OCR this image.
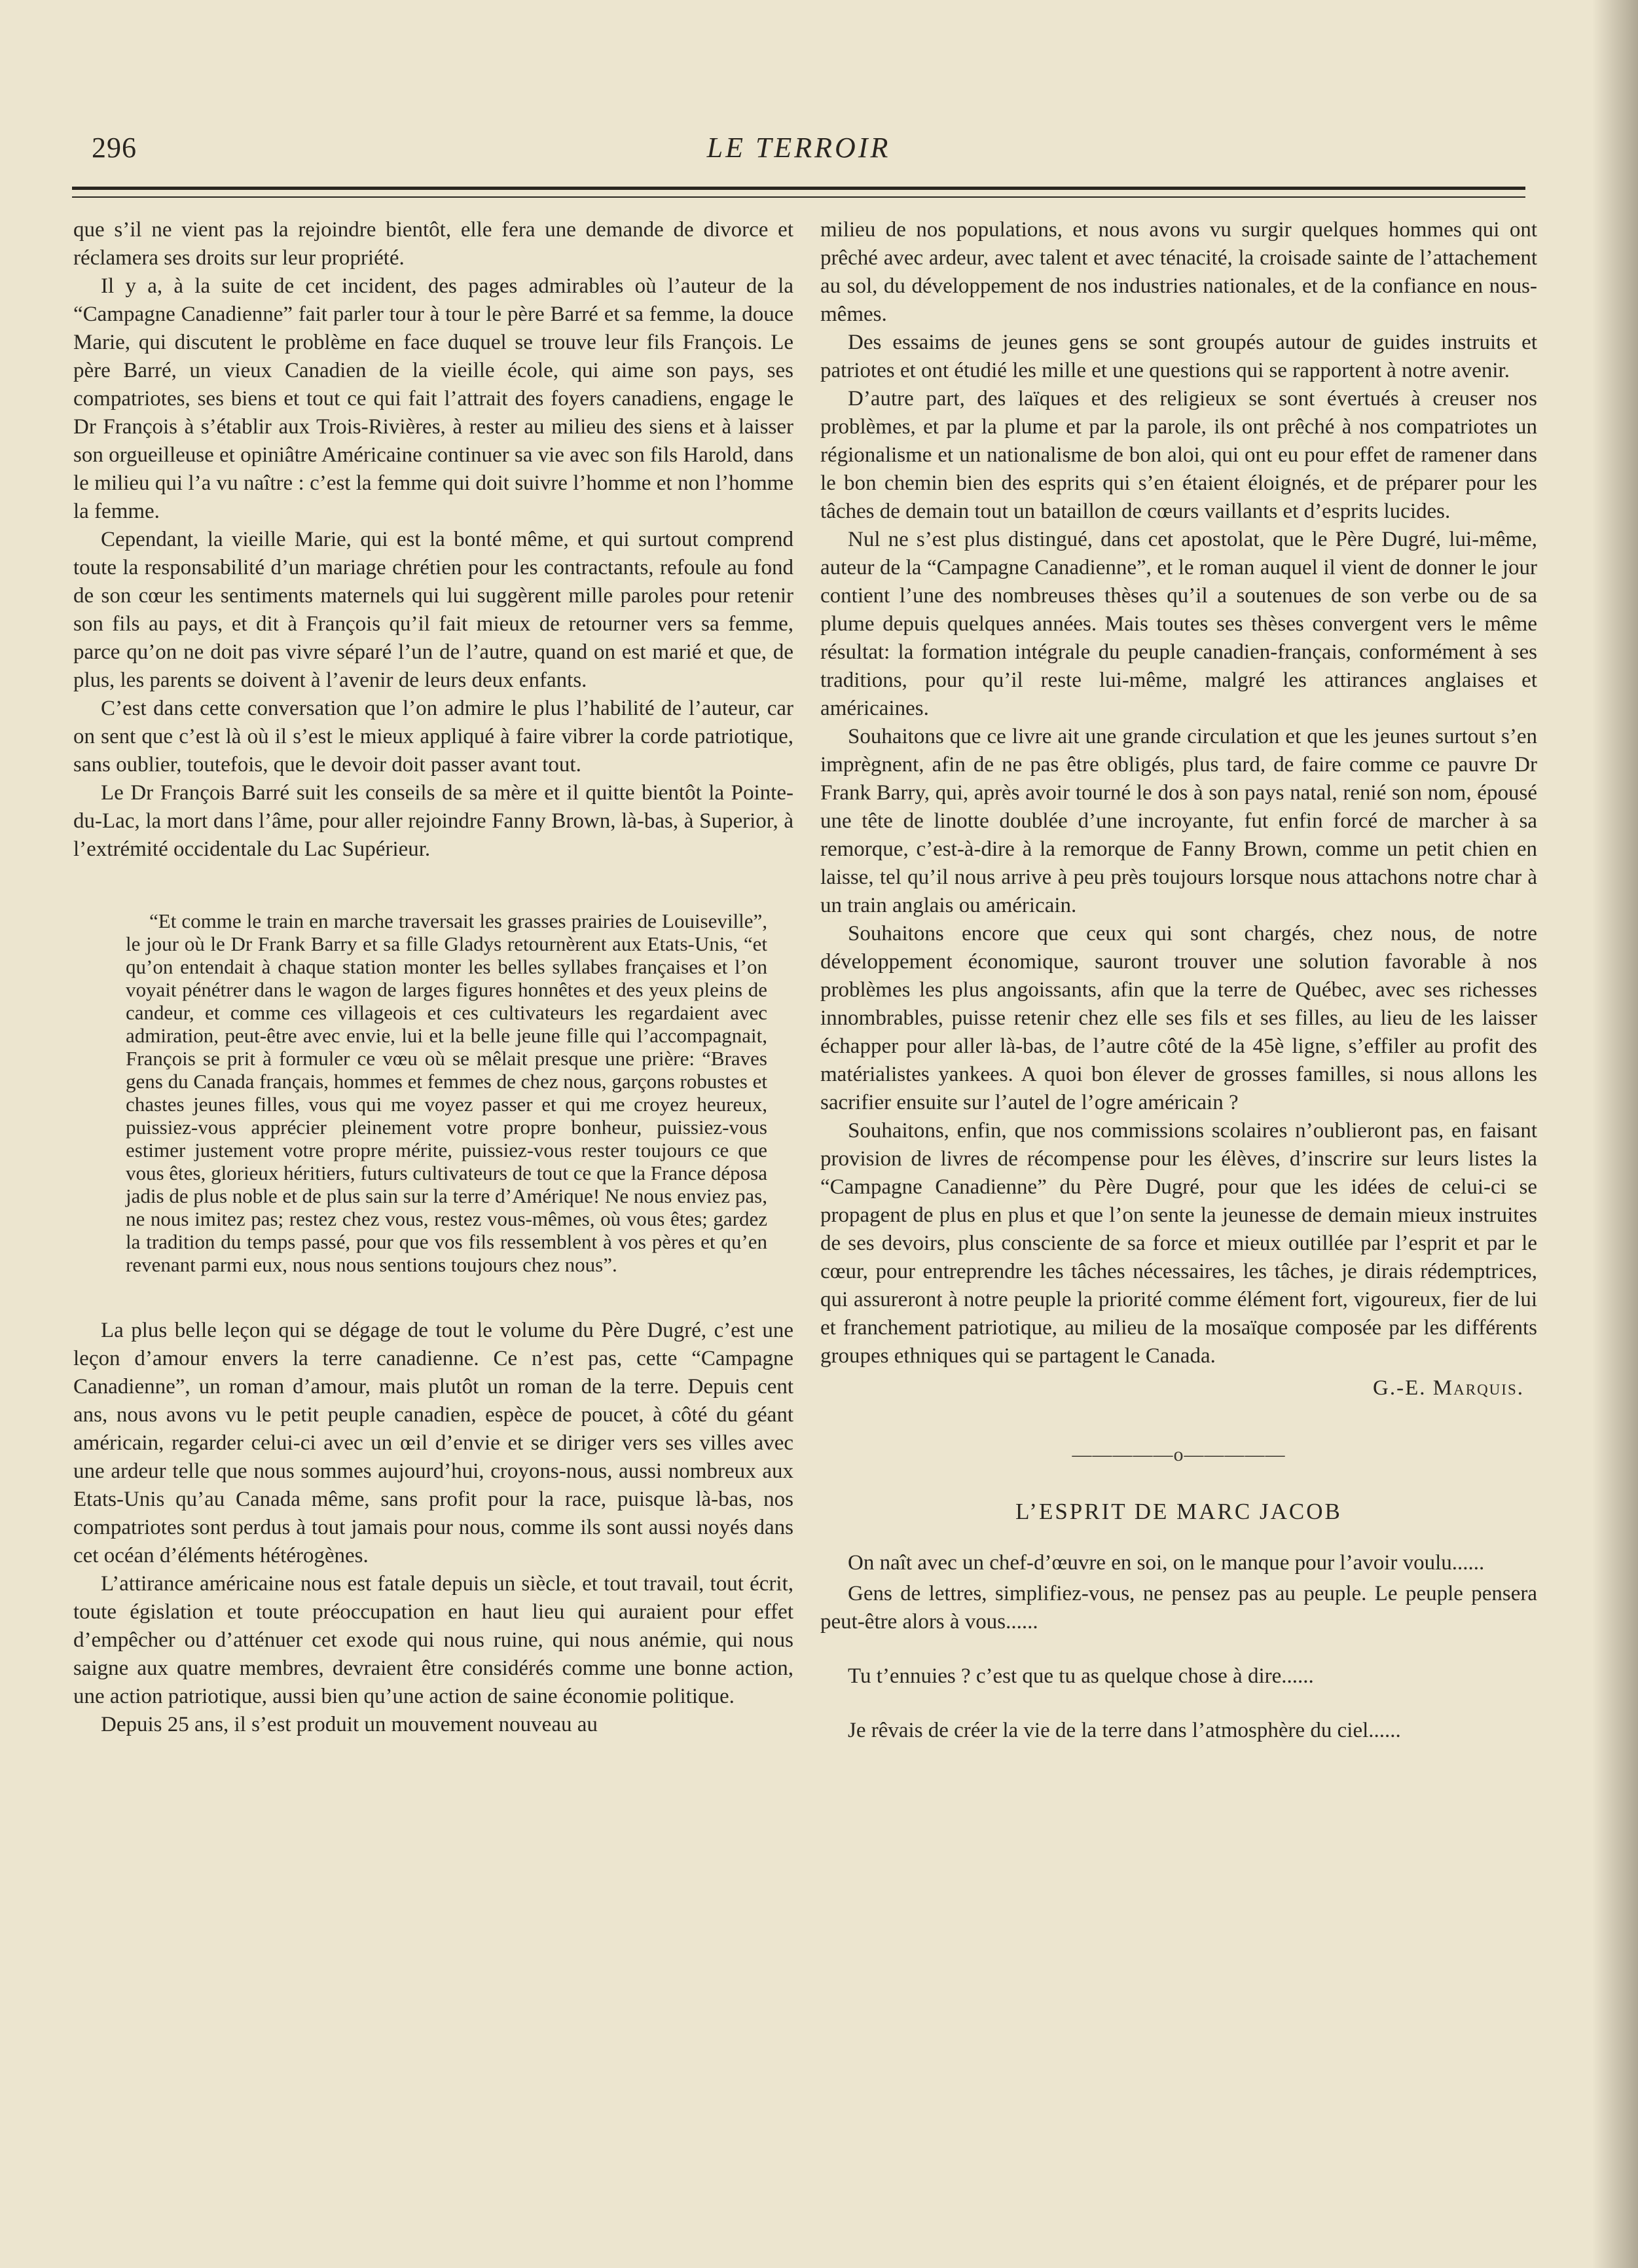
296	LE TERROIR

que s’il ne vient pas la rejoindre bientôt, elle fera une demande de divorce et réclamera ses droits sur leur propriété.

Il y a, à la suite de cet incident, des pages admirables où l’auteur de la “Campagne Canadienne” fait parler tour à tour le père Barré et sa femme, la douce Marie, qui discutent le problème en face duquel se trouve leur fils François. Le père Barré, un vieux Canadien de la vieille école, qui aime son pays, ses compatriotes, ses biens et tout ce qui fait l’attrait des foyers canadiens, engage le Dr François à s’établir aux Trois-Rivières, à rester au milieu des siens et à laisser son orgueilleuse et opiniâtre Américaine continuer sa vie avec son fils Harold, dans le milieu qui l’a vu naître : c’est la femme qui doit suivre l’homme et non l’homme la femme.

Cependant, la vieille Marie, qui est la bonté même, et qui surtout comprend toute la responsabilité d’un mariage chrétien pour les contractants, refoule au fond de son cœur les sentiments maternels qui lui suggèrent mille paroles pour retenir son fils au pays, et dit à François qu’il fait mieux de retourner vers sa femme, parce qu’on ne doit pas vivre séparé l’un de l’autre, quand on est marié et que, de plus, les parents se doivent à l’avenir de leurs deux enfants.

C’est dans cette conversation que l’on admire le plus l’habilité de l’auteur, car on sent que c’est là où il s’est le mieux appliqué à faire vibrer la corde patriotique, sans oublier, toutefois, que le devoir doit passer avant tout.

Le Dr François Barré suit les conseils de sa mère et il quitte bientôt la Pointe-du-Lac, la mort dans l’âme, pour aller rejoindre Fanny Brown, là-bas, à Superior, à l’extrémité occidentale du Lac Supérieur.

“Et comme le train en marche traversait les grasses prairies de Louiseville”, le jour où le Dr Frank Barry et sa fille Gladys retournèrent aux Etats-Unis, “et qu’on entendait à chaque station monter les belles syllabes françaises et l’on voyait pénétrer dans le wagon de larges figures honnêtes et des yeux pleins de candeur, et comme ces villageois et ces cultivateurs les regardaient avec admiration, peut-être avec envie, lui et la belle jeune fille qui l’accompagnait, François se prit à formuler ce vœu où se mêlait presque une prière: “Braves gens du Canada français, hommes et femmes de chez nous, garçons robustes et chastes jeunes filles, vous qui me voyez passer et qui me croyez heureux, puissiez-vous apprécier pleinement votre propre bonheur, puissiez-vous estimer justement votre propre mérite, puissiez-vous rester toujours ce que vous êtes, glorieux héritiers, futurs cultivateurs de tout ce que la France déposa jadis de plus noble et de plus sain sur la terre d’Amérique! Ne nous enviez pas, ne nous imitez pas; restez chez vous, restez vous-mêmes, où vous êtes; gardez la tradition du temps passé, pour que vos fils ressemblent à vos pères et qu’en revenant parmi eux, nous nous sentions toujours chez nous”.

La plus belle leçon qui se dégage de tout le volume du Père Dugré, c’est une leçon d’amour envers la terre canadienne. Ce n’est pas, cette “Campagne Canadienne”, un roman d’amour, mais plutôt un roman de la terre. Depuis cent ans, nous avons vu le petit peuple canadien, espèce de poucet, à côté du géant américain, regarder celui-ci avec un œil d’envie et se diriger vers ses villes avec une ardeur telle que nous sommes aujourd’hui, croyons-nous, aussi nombreux aux Etats-Unis qu’au Canada même, sans profit pour la race, puisque là-bas, nos compatriotes sont perdus à tout jamais pour nous, comme ils sont aussi noyés dans cet océan d’éléments hétérogènes.

L’attirance américaine nous est fatale depuis un siècle, et tout travail, tout écrit, toute égislation et toute préoccupation en haut lieu qui auraient pour effet d’empêcher ou d’atténuer cet exode qui nous ruine, qui nous anémie, qui nous saigne aux quatre membres, devraient être considérés comme une bonne action, une action patriotique, aussi bien qu’une action de saine économie politique.

Depuis 25 ans, il s’est produit un mouvement nouveau au

milieu de nos populations, et nous avons vu surgir quelques hommes qui ont prêché avec ardeur, avec talent et avec ténacité, la croisade sainte de l’attachement au sol, du développement de nos industries nationales, et de la confiance en nous-mêmes.

Des essaims de jeunes gens se sont groupés autour de guides instruits et patriotes et ont étudié les mille et une questions qui se rapportent à notre avenir.

D’autre part, des laïques et des religieux se sont évertués à creuser nos problèmes, et par la plume et par la parole, ils ont prêché à nos compatriotes un régionalisme et un nationalisme de bon aloi, qui ont eu pour effet de ramener dans le bon chemin bien des esprits qui s’en étaient éloignés, et de préparer pour les tâches de demain tout un bataillon de cœurs vaillants et d’esprits lucides.

Nul ne s’est plus distingué, dans cet apostolat, que le Père Dugré, lui-même, auteur de la “Campagne Canadienne”, et le roman auquel il vient de donner le jour contient l’une des nombreuses thèses qu’il a soutenues de son verbe ou de sa plume depuis quelques années. Mais toutes ses thèses convergent vers le même résultat: la formation intégrale du peuple canadien-français, conformément à ses traditions, pour qu’il reste lui-même, malgré les attirances anglaises et américaines.

Souhaitons que ce livre ait une grande circulation et que les jeunes surtout s’en imprègnent, afin de ne pas être obligés, plus tard, de faire comme ce pauvre Dr Frank Barry, qui, après avoir tourné le dos à son pays natal, renié son nom, épousé une tête de linotte doublée d’une incroyante, fut enfin forcé de marcher à sa remorque, c’est-à-dire à la remorque de Fanny Brown, comme un petit chien en laisse, tel qu’il nous arrive à peu près toujours lorsque nous attachons notre char à un train anglais ou américain.

Souhaitons encore que ceux qui sont chargés, chez nous, de notre développement économique, sauront trouver une solution favorable à nos problèmes les plus angoissants, afin que la terre de Québec, avec ses richesses innombrables, puisse retenir chez elle ses fils et ses filles, au lieu de les laisser échapper pour aller là-bas, de l’autre côté de la 45è ligne, s’effiler au profit des matérialistes yankees. A quoi bon élever de grosses familles, si nous allons les sacrifier ensuite sur l’autel de l’ogre américain ?

Souhaitons, enfin, que nos commissions scolaires n’oublieront pas, en faisant provision de livres de récompense pour les élèves, d’inscrire sur leurs listes la “Campagne Canadienne” du Père Dugré, pour que les idées de celui-ci se propagent de plus en plus et que l’on sente la jeunesse de demain mieux instruites de ses devoirs, plus consciente de sa force et mieux outillée par l’esprit et par le cœur, pour entreprendre les tâches nécessaires, les tâches, je dirais rédemptrices, qui assureront à notre peuple la priorité comme élément fort, vigoureux, fier de lui et franchement patriotique, au milieu de la mosaïque composée par les différents groupes ethniques qui se partagent le Canada.

G.-E. Marquis.
—————o—————
L’ESPRIT DE MARC JACOB

On naît avec un chef-d’œuvre en soi, on le manque pour l’avoir voulu......

Gens de lettres, simplifiez-vous, ne pensez pas au peuple. Le peuple pensera peut-être alors à vous......

Tu t’ennuies ? c’est que tu as quelque chose à dire......

Je rêvais de créer la vie de la terre dans l’atmosphère du ciel......
